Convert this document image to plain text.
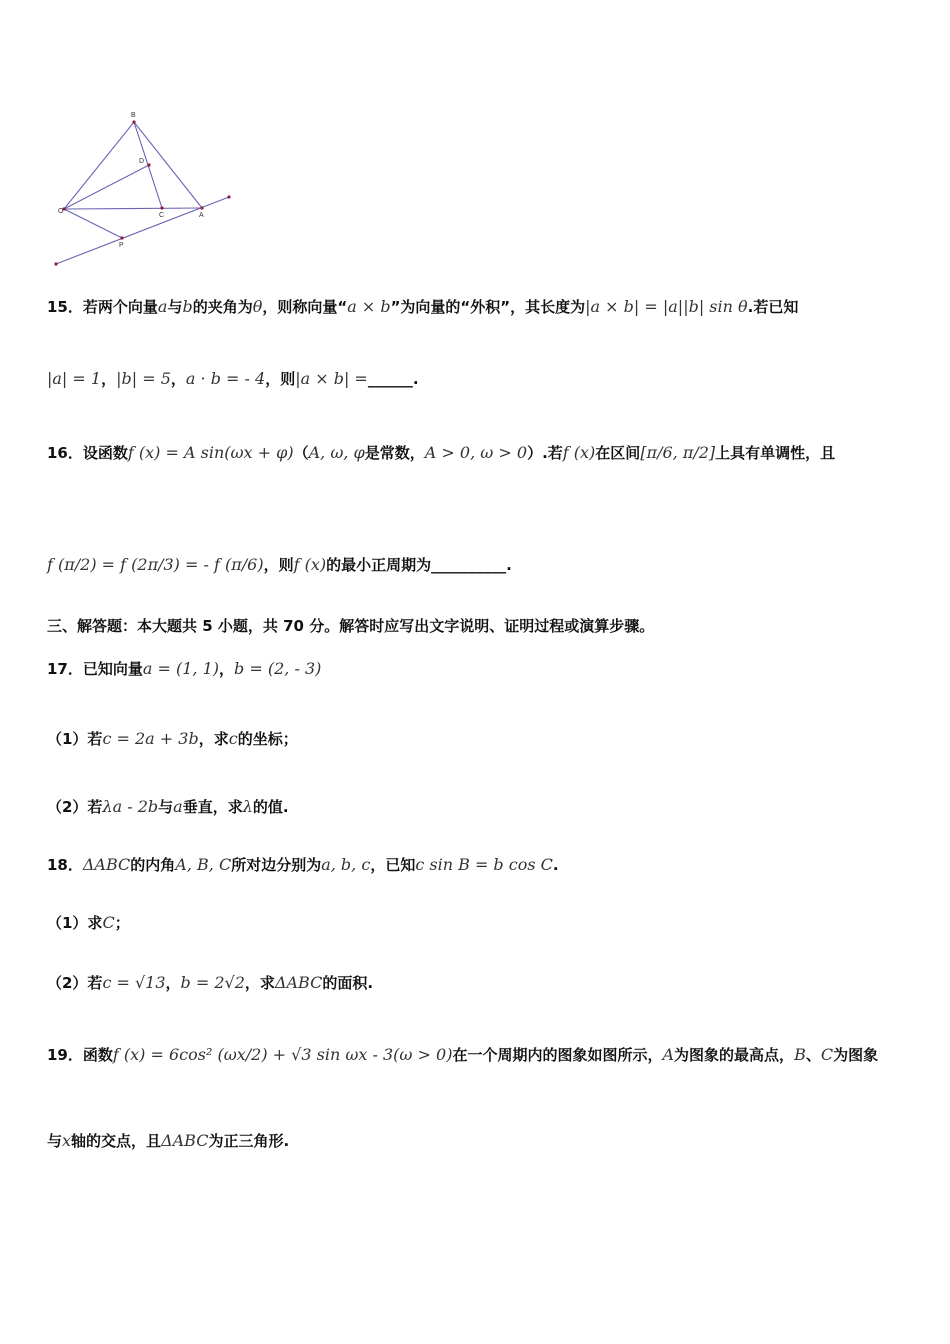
B
D
O
C	A
P
15．若两个向量a与b的夹角为θ，则称向量“a × b”为向量的“外积”，其长度为|a × b| = |a||b| sin θ.若已知
|a| = 1，|b| = 5，a · b = - 4，则|a × b| =______.
16．设函数f (x) = A sin(ωx + φ)（A, ω, φ是常数，A > 0, ω > 0）.若f (x)在区间[π/6, π/2]上具有单调性，且
f (π/2) = f (2π/3) = - f (π/6)，则f (x)的最小正周期为__________.
三、解答题：本大题共 5 小题，共 70 分。解答时应写出文字说明、证明过程或演算步骤。
17．已知向量a = (1, 1)，b = (2, - 3)
（1）若c = 2a + 3b，求c的坐标；
（2）若λa - 2b与a垂直，求λ的值.
18．ΔABC的内角A, B, C所对边分别为a, b, c，已知c sin B = b cos C.
（1）求C；
（2）若c = √13，b = 2√2，求ΔABC的面积.
19．函数f (x) = 6cos² (ωx/2) + √3 sin ωx - 3(ω > 0)在一个周期内的图象如图所示，A为图象的最高点，B、C为图象
与x轴的交点，且ΔABC为正三角形.
